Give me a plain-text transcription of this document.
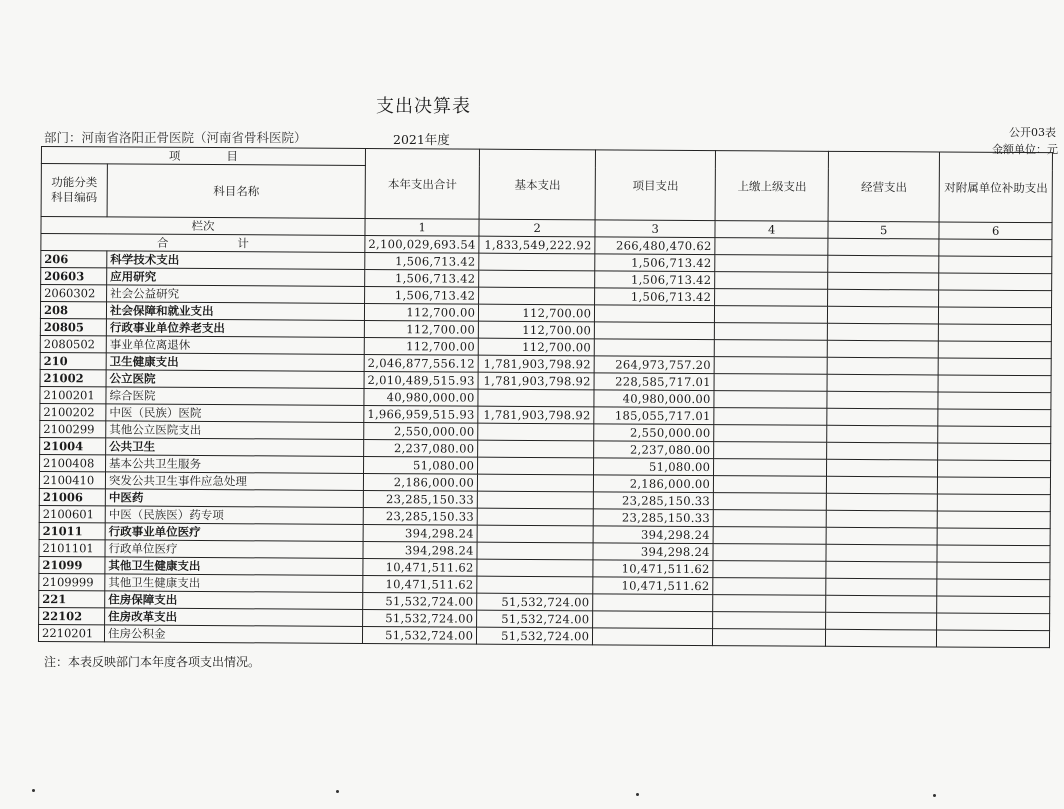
支出决算表
部门：河南省洛阳正骨医院（河南省骨科医院）	2021年度	公开03表
金额单位：元
项　　　　目		本年支出合计	基本支出	项目支出	上缴上级支出	经营支出	对附属单位补助支出
功能分类
科目编码	科目名称						
栏次		1	2	3	4	5	6
合　　　　　　计		2,100,029,693.54	1,833,549,222.92	266,480,470.62			
206	科学技术支出	1,506,713.42		1,506,713.42			
20603	应用研究	1,506,713.42		1,506,713.42			
2060302	社会公益研究	1,506,713.42		1,506,713.42			
208	社会保障和就业支出	112,700.00	112,700.00				
20805	行政事业单位养老支出	112,700.00	112,700.00				
2080502	事业单位离退休	112,700.00	112,700.00				
210	卫生健康支出	2,046,877,556.12	1,781,903,798.92	264,973,757.20			
21002	公立医院	2,010,489,515.93	1,781,903,798.92	228,585,717.01			
2100201	综合医院	40,980,000.00		40,980,000.00			
2100202	中医（民族）医院	1,966,959,515.93	1,781,903,798.92	185,055,717.01			
2100299	其他公立医院支出	2,550,000.00		2,550,000.00			
21004	公共卫生	2,237,080.00		2,237,080.00			
2100408	基本公共卫生服务	51,080.00		51,080.00			
2100410	突发公共卫生事件应急处理	2,186,000.00		2,186,000.00			
21006	中医药	23,285,150.33		23,285,150.33			
2100601	中医（民族医）药专项	23,285,150.33		23,285,150.33			
21011	行政事业单位医疗	394,298.24		394,298.24			
2101101	行政单位医疗	394,298.24		394,298.24			
21099	其他卫生健康支出	10,471,511.62		10,471,511.62			
2109999	其他卫生健康支出	10,471,511.62		10,471,511.62			
221	住房保障支出	51,532,724.00	51,532,724.00				
22102	住房改革支出	51,532,724.00	51,532,724.00				
2210201	住房公积金	51,532,724.00	51,532,724.00				
注：本表反映部门本年度各项支出情况。
